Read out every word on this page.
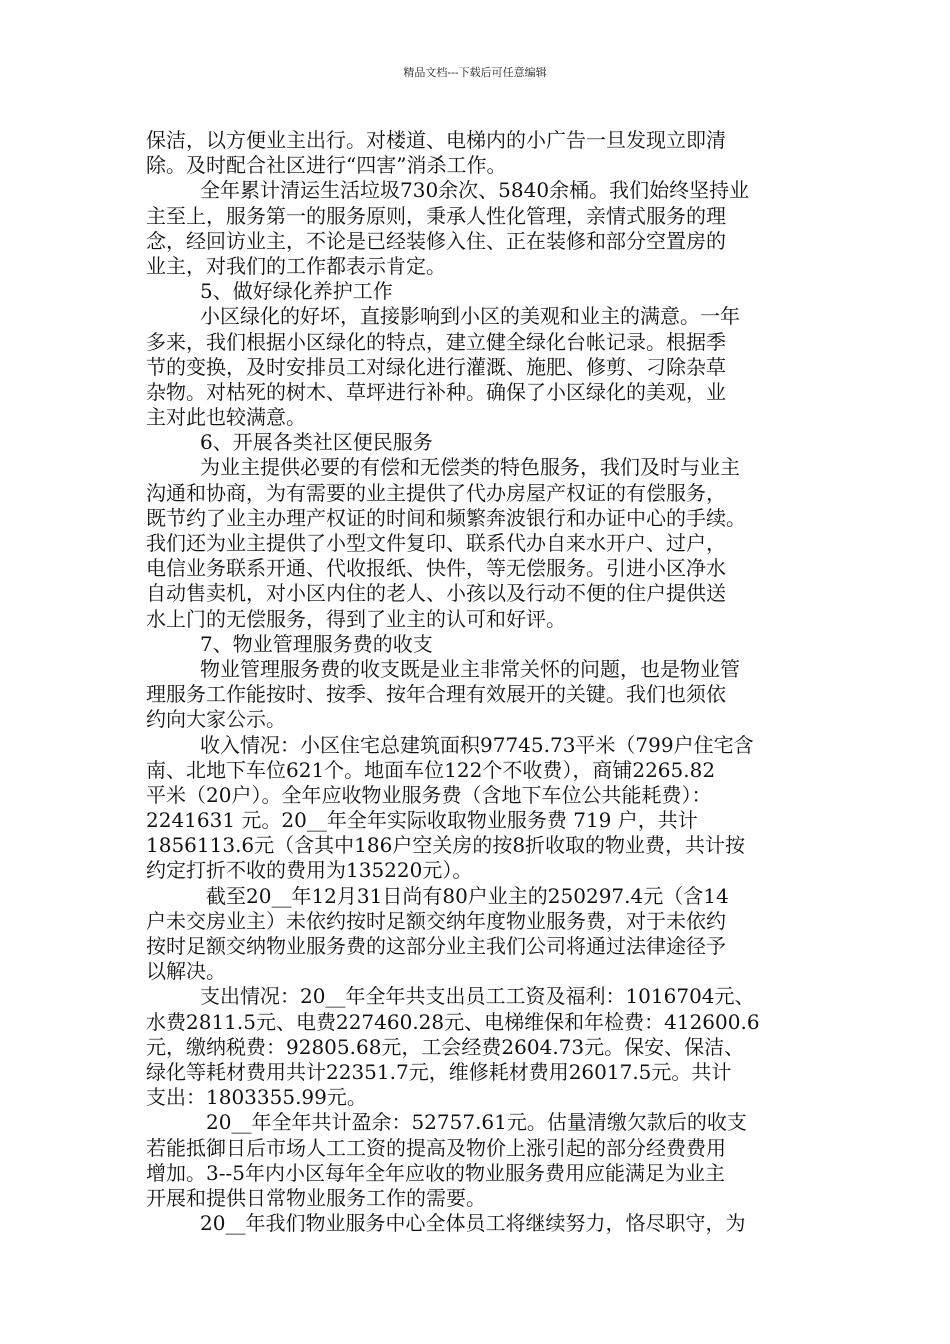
精品文档---下载后可任意编辑
保洁，以方便业主出行。对楼道、电梯内的小广告一旦发现立即清
除。及时配合社区进行“四害”消杀工作。
全年累计清运生活垃圾730余次、5840余桶。我们始终坚持业
主至上，服务第一的服务原则，秉承人性化管理，亲情式服务的理
念，经回访业主，不论是已经装修入住、正在装修和部分空置房的
业主，对我们的工作都表示肯定。
5、做好绿化养护工作
小区绿化的好坏，直接影响到小区的美观和业主的满意。一年
多来，我们根据小区绿化的特点，建立健全绿化台帐记录。根据季
节的变换，及时安排员工对绿化进行灌溉、施肥、修剪、刁除杂草
杂物。对枯死的树木、草坪进行补种。确保了小区绿化的美观，业
主对此也较满意。
6、开展各类社区便民服务
为业主提供必要的有偿和无偿类的特色服务，我们及时与业主
沟通和协商，为有需要的业主提供了代办房屋产权证的有偿服务，
既节约了业主办理产权证的时间和频繁奔波银行和办证中心的手续。
我们还为业主提供了小型文件复印、联系代办自来水开户、过户，
电信业务联系开通、代收报纸、快件，等无偿服务。引进小区净水
自动售卖机，对小区内住的老人、小孩以及行动不便的住户提供送
水上门的无偿服务，得到了业主的认可和好评。
7、物业管理服务费的收支
物业管理服务费的收支既是业主非常关怀的问题，也是物业管
理服务工作能按时、按季、按年合理有效展开的关键。我们也须依
约向大家公示。
收入情况：小区住宅总建筑面积97745.73平米（799户住宅含
南、北地下车位621个。地面车位122个不收费），商铺2265.82
平米（20户）。全年应收物业服务费（含地下车位公共能耗费）：
2241631 元。20__年全年实际收取物业服务费 719 户，共计
1856113.6元（含其中186户空关房的按8折收取的物业费，共计按
约定打折不收的费用为135220元）。
截至20__年12月31日尚有80户业主的250297.4元（含14
户未交房业主）未依约按时足额交纳年度物业服务费，对于未依约
按时足额交纳物业服务费的这部分业主我们公司将通过法律途径予
以解决。
支出情况：20__年全年共支出员工工资及福利：1016704元、
水费2811.5元、电费227460.28元、电梯维保和年检费：412600.6
元，缴纳税费：92805.68元，工会经费2604.73元。保安、保洁、
绿化等耗材费用共计22351.7元，维修耗材费用26017.5元。共计
支出：1803355.99元。
20__年全年共计盈余：52757.61元。估量清缴欠款后的收支
若能抵御日后市场人工工资的提高及物价上涨引起的部分经费费用
增加。3--5年内小区每年全年应收的物业服务费用应能满足为业主
开展和提供日常物业服务工作的需要。
20__年我们物业服务中心全体员工将继续努力，恪尽职守，为
